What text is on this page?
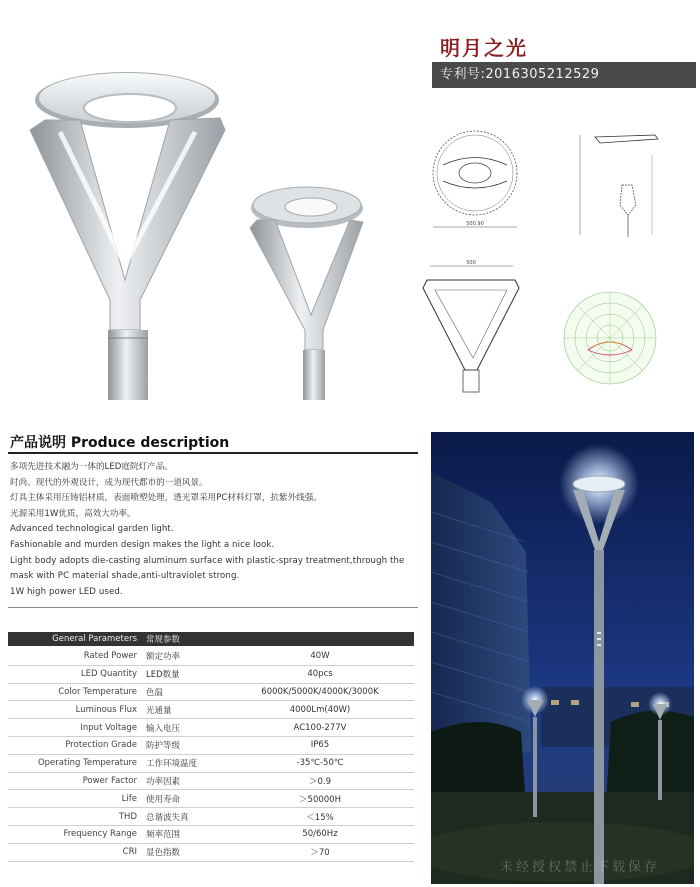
明月之光
专利号:2016305212529
500.90
500
产品说明 Produce description
多项先进技术融为一体的LED庭院灯产品。
时尚、现代的外观设计，成为现代都市的一道风景。
灯具主体采用压铸铝材质，表面喷塑处理，透光罩采用PC材料灯罩，抗紫外线强。
光源采用1W优质，高效大功率。
Advanced technological garden light.
Fashionable and murden design makes the light a nice look.
Light body adopts die-casting aluminum surface with plastic-spray treatment,through the
mask with PC material shade,anti-ultraviolet strong.
1W high power LED used.
General Parameters	常规参数
Rated Power	额定功率	40W
LED Quantity	LED数量	40pcs
Color Temperature	色温	6000K/5000K/4000K/3000K
Luminous Flux	光通量	4000Lm(40W)
Input Voltage	输入电压	AC100-277V
Protection Grade	防护等级	IP65
Operating Temperature	工作环境温度	-35℃-50℃
Power Factor	功率因素	＞0.9
Life	使用寿命	＞50000H
THD	总谐波失真	＜15%
Frequency Range	频率范围	50/60Hz
CRI	显色指数	＞70
未经授权禁止下载保存
